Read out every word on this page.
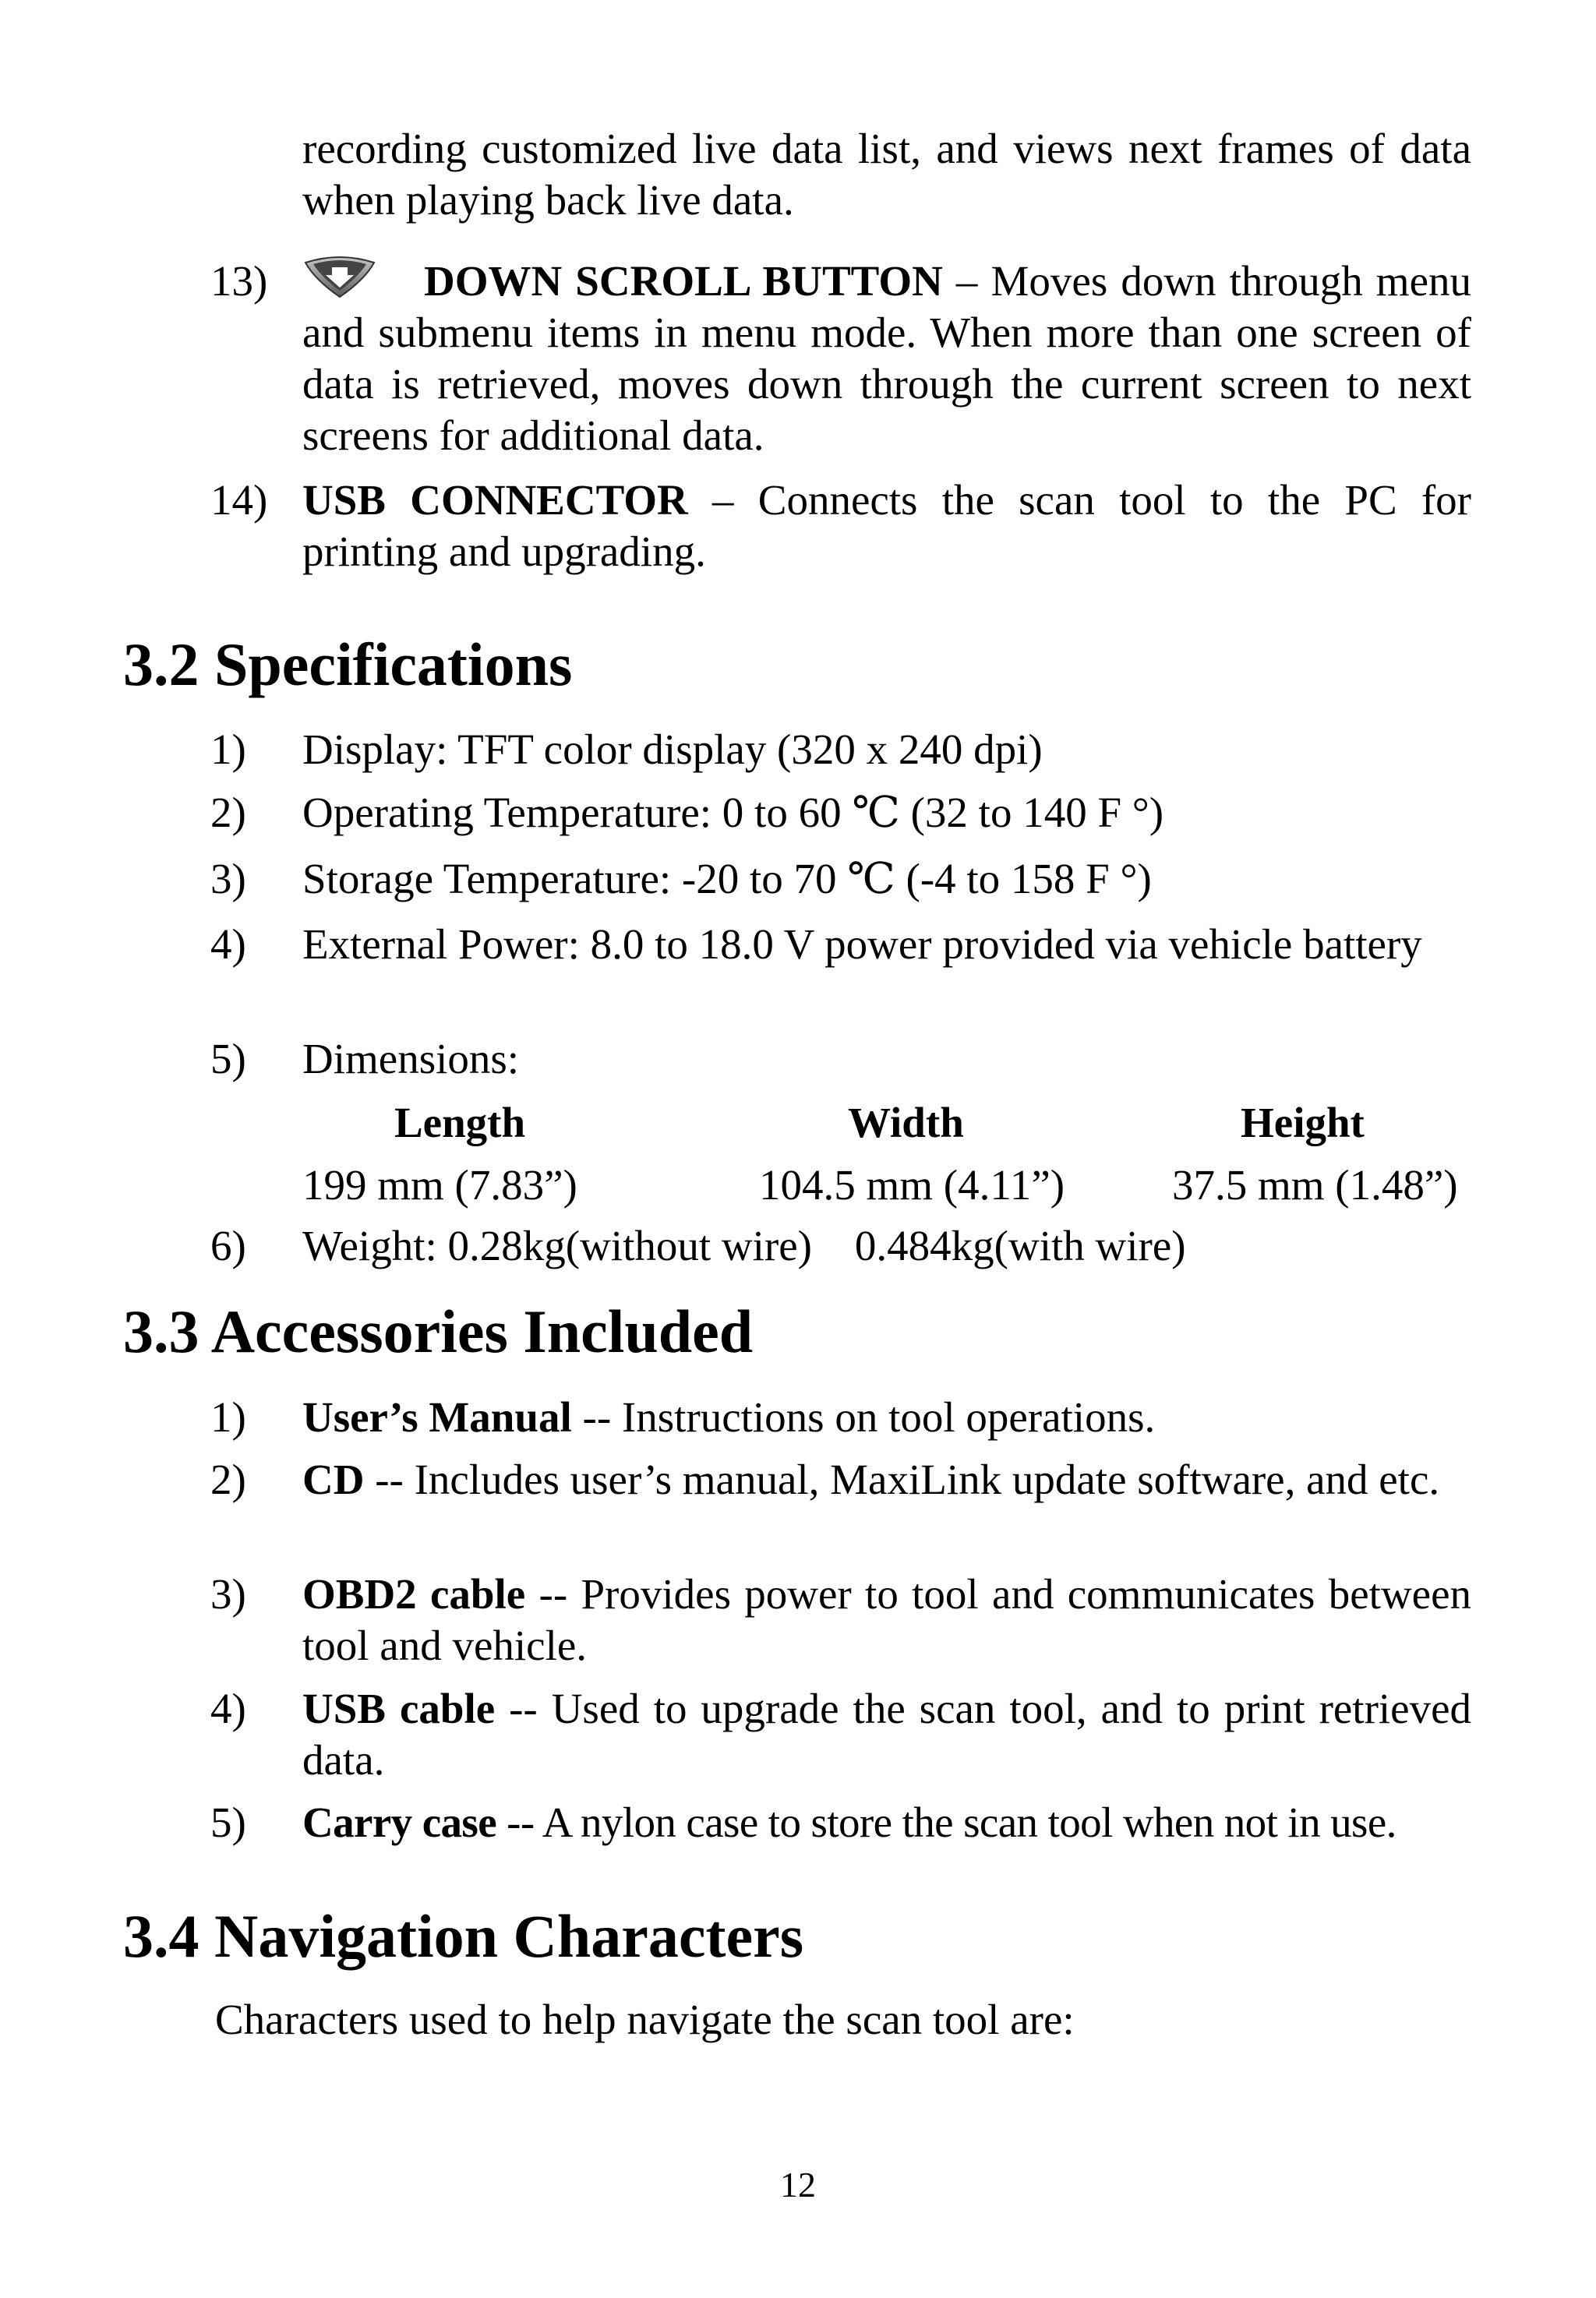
recording customized live data list, and views next frames of data when playing back live data.
13)	DOWN SCROLL BUTTON – Moves down through menu and submenu items in menu mode. When more than one screen of data is retrieved, moves down through the current screen to next screens for additional data.
14) USB CONNECTOR – Connects the scan tool to the PC for printing and upgrading.
3.2 Specifications
1)	Display: TFT color display (320 x 240 dpi)
2)	Operating Temperature: 0 to 60 ℃ (32 to 140 F °)
3)	Storage Temperature: -20 to 70 ℃ (-4 to 158 F °)
4)	External Power: 8.0 to 18.0 V power provided via vehicle battery
5)	Dimensions:
Length	Width	Height
199 mm (7.83”)	104.5 mm (4.11”)	37.5 mm (1.48”)
6)	Weight: 0.28kg(without wire)    0.484kg(with wire)
3.3 Accessories Included
1)	User’s Manual -- Instructions on tool operations.
2)	CD -- Includes user’s manual, MaxiLink update software, and etc.
3)	OBD2 cable -- Provides power to tool and communicates between tool and vehicle.
4)	USB cable -- Used to upgrade the scan tool, and to print retrieved data.
5)	Carry case -- A nylon case to store the scan tool when not in use.
3.4 Navigation Characters
Characters used to help navigate the scan tool are:
12
